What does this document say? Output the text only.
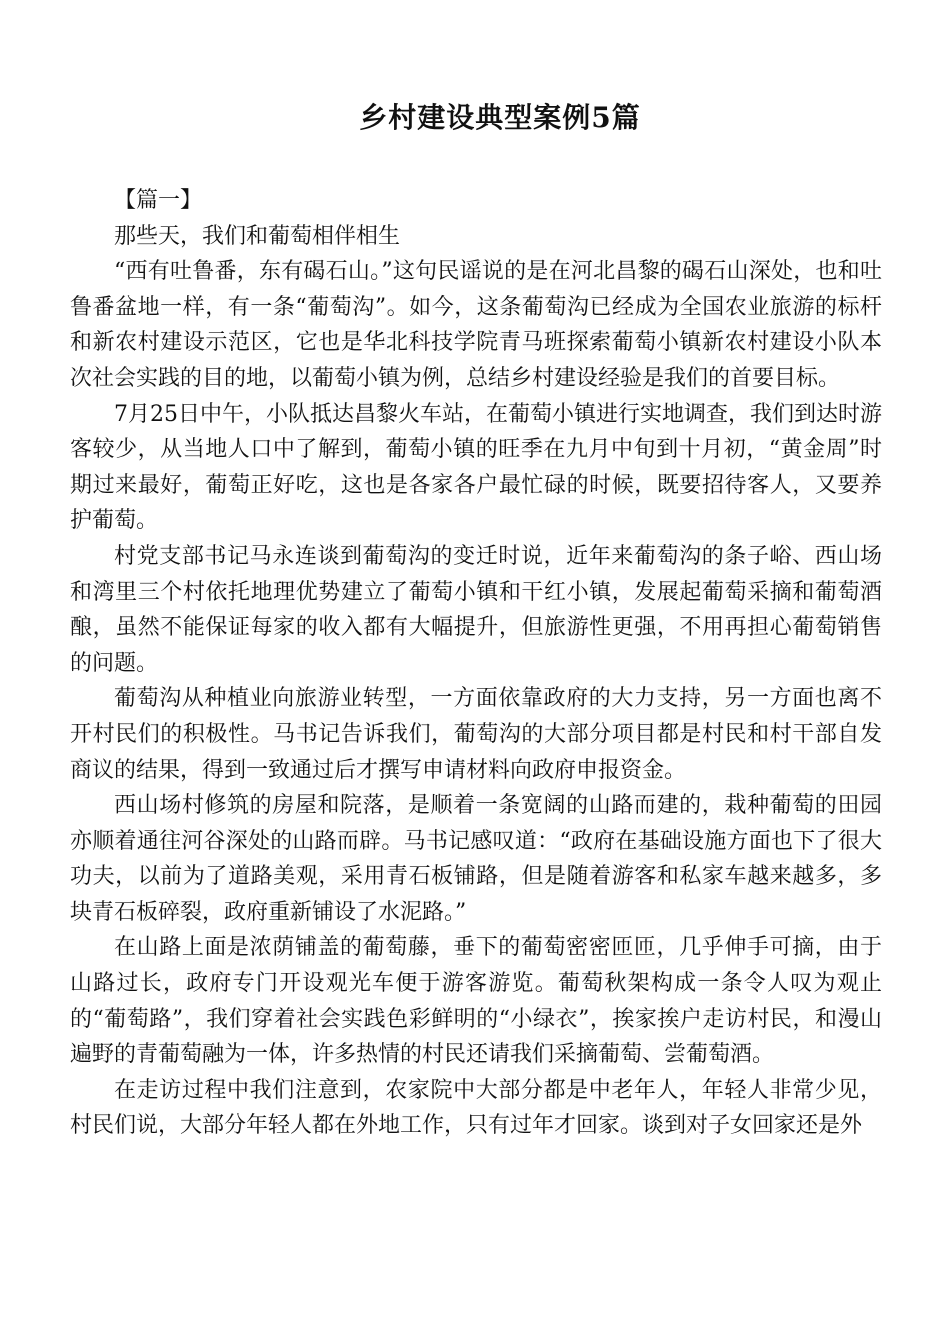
乡村建设典型案例5篇

【篇一】

那些天，我们和葡萄相伴相生

“西有吐鲁番，东有碣石山。”这句民谣说的是在河北昌黎的碣石山深处，也和吐鲁番盆地一样，有一条“葡萄沟”。如今，这条葡萄沟已经成为全国农业旅游的标杆和新农村建设示范区，它也是华北科技学院青马班探索葡萄小镇新农村建设小队本次社会实践的目的地，以葡萄小镇为例，总结乡村建设经验是我们的首要目标。

7月25日中午，小队抵达昌黎火车站，在葡萄小镇进行实地调查，我们到达时游客较少，从当地人口中了解到，葡萄小镇的旺季在九月中旬到十月初，“黄金周”时期过来最好，葡萄正好吃，这也是各家各户最忙碌的时候，既要招待客人，又要养护葡萄。

村党支部书记马永连谈到葡萄沟的变迁时说，近年来葡萄沟的条子峪、西山场和湾里三个村依托地理优势建立了葡萄小镇和干红小镇，发展起葡萄采摘和葡萄酒酿，虽然不能保证每家的收入都有大幅提升，但旅游性更强，不用再担心葡萄销售的问题。

葡萄沟从种植业向旅游业转型，一方面依靠政府的大力支持，另一方面也离不开村民们的积极性。马书记告诉我们，葡萄沟的大部分项目都是村民和村干部自发商议的结果，得到一致通过后才撰写申请材料向政府申报资金。

西山场村修筑的房屋和院落，是顺着一条宽阔的山路而建的，栽种葡萄的田园亦顺着通往河谷深处的山路而辟。马书记感叹道：“政府在基础设施方面也下了很大功夫，以前为了道路美观，采用青石板铺路，但是随着游客和私家车越来越多，多块青石板碎裂，政府重新铺设了水泥路。”

在山路上面是浓荫铺盖的葡萄藤，垂下的葡萄密密匝匝，几乎伸手可摘，由于山路过长，政府专门开设观光车便于游客游览。葡萄秋架构成一条令人叹为观止的“葡萄路”，我们穿着社会实践色彩鲜明的“小绿衣”，挨家挨户走访村民，和漫山遍野的青葡萄融为一体，许多热情的村民还请我们采摘葡萄、尝葡萄酒。

在走访过程中我们注意到，农家院中大部分都是中老年人，年轻人非常少见，村民们说，大部分年轻人都在外地工作，只有过年才回家。谈到对子女回家还是外
